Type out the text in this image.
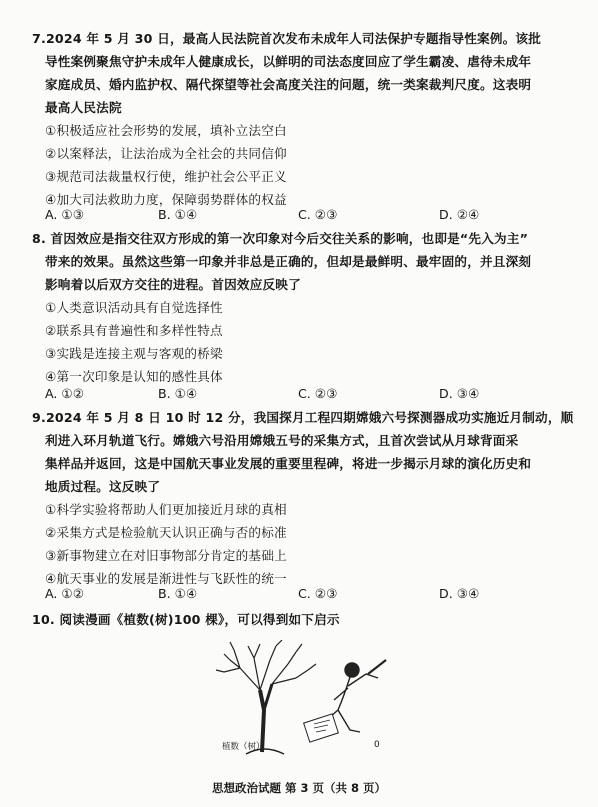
7.2024 年 5 月 30 日，最高人民法院首次发布未成年人司法保护专题指导性案例。该批
导性案例聚焦守护未成年人健康成长，以鲜明的司法态度回应了学生霸凌、虐待未成年
家庭成员、婚内监护权、隔代探望等社会高度关注的问题，统一类案裁判尺度。这表明
最高人民法院
①积极适应社会形势的发展，填补立法空白
②以案释法，让法治成为全社会的共同信仰
③规范司法裁量权行使，维护社会公平正义
④加大司法救助力度，保障弱势群体的权益
A. ①③	B. ①④	C. ②③	D. ②④
8. 首因效应是指交往双方形成的第一次印象对今后交往关系的影响，也即是“先入为主”
带来的效果。虽然这些第一印象并非总是正确的，但却是最鲜明、最牢固的，并且深刻
影响着以后双方交往的进程。首因效应反映了
①人类意识活动具有自觉选择性
②联系具有普遍性和多样性特点
③实践是连接主观与客观的桥梁
④第一次印象是认知的感性具体
A. ①②	B. ①④	C. ②③	D. ③④
9.2024 年 5 月 8 日 10 时 12 分，我国探月工程四期嫦娥六号探测器成功实施近月制动，顺
利进入环月轨道飞行。嫦娥六号沿用嫦娥五号的采集方式，且首次尝试从月球背面采
集样品并返回，这是中国航天事业发展的重要里程碑，将进一步揭示月球的演化历史和
地质过程。这反映了
①科学实验将帮助人们更加接近月球的真相
②采集方式是检验航天认识正确与否的标准
③新事物建立在对旧事物部分肯定的基础上
④航天事业的发展是渐进性与飞跃性的统一
A. ①②	B. ①④	C. ②③	D. ③④
10. 阅读漫画《植数(树)100 棵》，可以得到如下启示
植数（树）	0
思想政治试题 第 3 页（共 8 页）
